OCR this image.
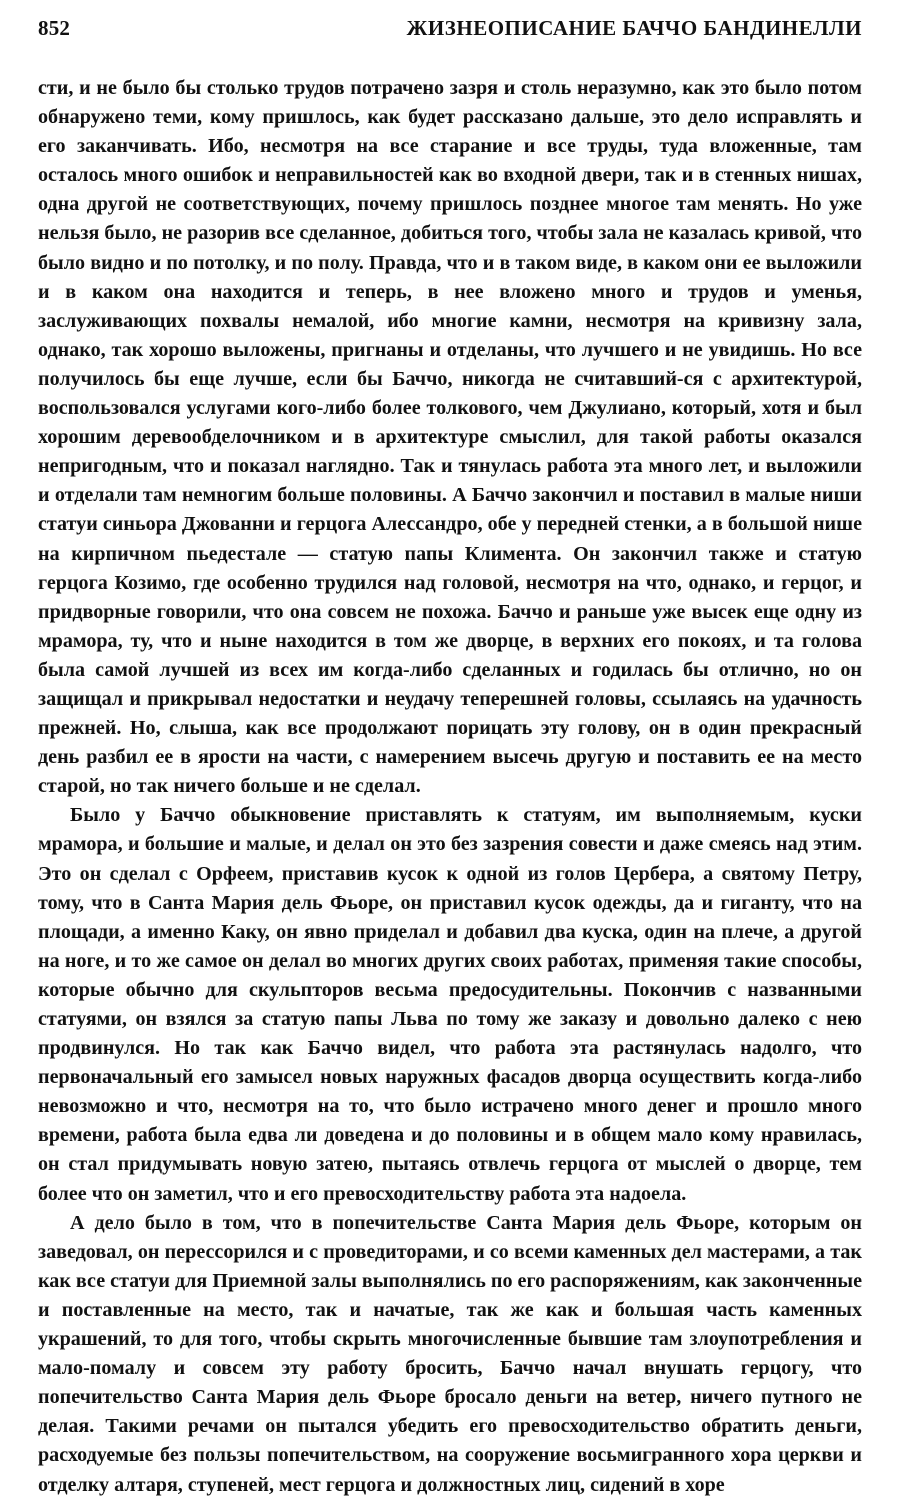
852	ЖИЗНЕОПИСАНИЕ БАЧЧО БАНДИНЕЛЛИ

сти, и не было бы столько трудов потрачено зазря и столь неразумно, как это было потом обнаружено теми, кому пришлось, как будет рассказано дальше, это дело исправлять и его заканчивать. Ибо, несмотря на все старание и все труды, туда вложенные, там осталось много ошибок и неправильностей как во входной двери, так и в стенных нишах, одна другой не соответствующих, почему пришлось позднее многое там менять. Но уже нельзя было, не разорив все сделанное, добиться того, чтобы зала не казалась кривой, что было видно и по потолку, и по полу. Правда, что и в таком виде, в каком они ее выложили и в каком она находится и теперь, в нее вложено много и трудов и уменья, заслуживающих похвалы немалой, ибо многие камни, несмотря на кривизну зала, однако, так хорошо выложены, пригнаны и отделаны, что лучшего и не увидишь. Но все получилось бы еще лучше, если бы Баччо, никогда не считавший-ся с архитектурой, воспользовался услугами кого-либо более толкового, чем Джулиано, который, хотя и был хорошим деревообделочником и в архитектуре смыслил, для такой работы оказался непригодным, что и показал наглядно. Так и тянулась работа эта много лет, и выложили и отделали там немногим больше половины. А Баччо закончил и поставил в малые ниши статуи синьора Джованни и герцога Алессандро, обе у передней стенки, а в большой нише на кирпичном пьедестале — статую папы Климента. Он закончил также и статую герцога Козимо, где особенно трудился над головой, несмотря на что, однако, и герцог, и придворные говорили, что она совсем не похожа. Баччо и раньше уже высек еще одну из мрамора, ту, что и ныне находится в том же дворце, в верхних его покоях, и та голова была самой лучшей из всех им когда-либо сделанных и годилась бы отлично, но он защищал и прикрывал недостатки и неудачу теперешней головы, ссылаясь на удачность прежней. Но, слыша, как все продолжают порицать эту голову, он в один прекрасный день разбил ее в ярости на части, с намерением высечь другую и поставить ее на место старой, но так ничего больше и не сделал.

Было у Баччо обыкновение приставлять к статуям, им выполняемым, куски мрамора, и большие и малые, и делал он это без зазрения совести и даже смеясь над этим. Это он сделал с Орфеем, приставив кусок к одной из голов Цербера, а святому Петру, тому, что в Санта Мария дель Фьоре, он приставил кусок одежды, да и гиганту, что на площади, а именно Каку, он явно приделал и добавил два куска, один на плече, а другой на ноге, и то же самое он делал во многих других своих работах, применяя такие способы, которые обычно для скульпторов весьма предосудительны. Покончив с названными статуями, он взялся за статую папы Льва по тому же заказу и довольно далеко с нею продвинулся. Но так как Баччо видел, что работа эта растянулась надолго, что первоначальный его замысел новых наружных фасадов дворца осуществить когда-либо невозможно и что, несмотря на то, что было истрачено много денег и прошло много времени, работа была едва ли доведена и до половины и в общем мало кому нравилась, он стал придумывать новую затею, пытаясь отвлечь герцога от мыслей о дворце, тем более что он заметил, что и его превосходительству работа эта надоела.

А дело было в том, что в попечительстве Санта Мария дель Фьоре, которым он заведовал, он перессорился и с проведиторами, и со всеми каменных дел мастерами, а так как все статуи для Приемной залы выполнялись по его распоряжениям, как законченные и поставленные на место, так и начатые, так же как и большая часть каменных украшений, то для того, чтобы скрыть многочисленные бывшие там злоупотребления и мало-помалу и совсем эту работу бросить, Баччо начал внушать герцогу, что попечительство Санта Мария дель Фьоре бросало деньги на ветер, ничего путного не делая. Такими речами он пытался убедить его превосходительство обратить деньги, расходуемые без пользы попечительством, на сооружение восьмигранного хора церкви и отделку алтаря, ступеней, мест герцога и должностных лиц, сидений в хоре
